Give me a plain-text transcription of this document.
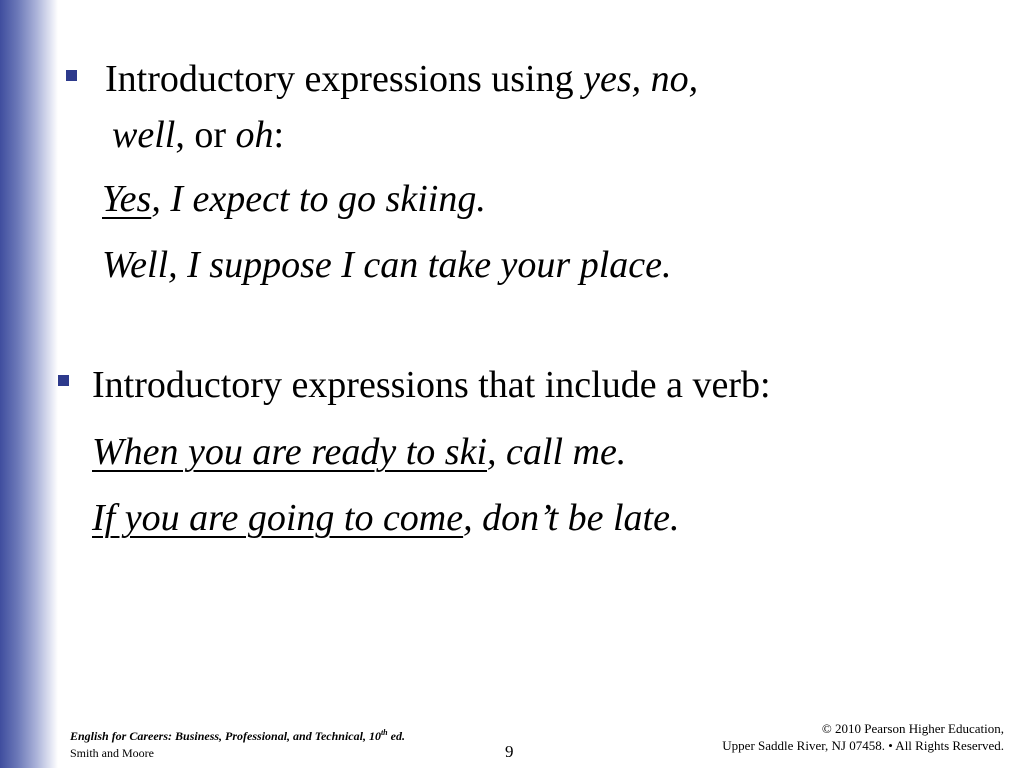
Introductory expressions using yes, no,
well, or oh:
Yes, I expect to go skiing.
Well, I suppose I can take your place.
Introductory expressions that include a verb:
When you are ready to ski, call me.
If you are going to come, don’t be late.
English for Careers: Business, Professional, and Technical, 10th ed.
Smith and Moore	9
© 2010 Pearson Higher Education,
Upper Saddle River, NJ 07458. • All Rights Reserved.
